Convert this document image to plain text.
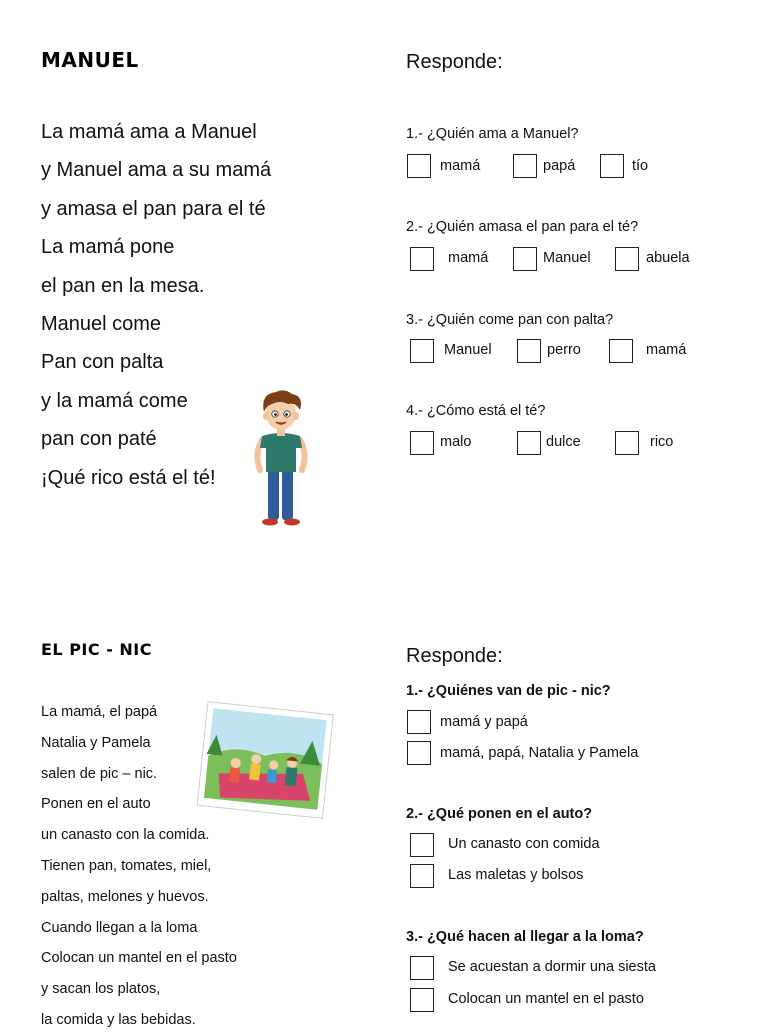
MANUEL
La mamá ama a Manuel
y Manuel ama a su mamá
y amasa el pan para el té
La mamá pone
el pan en la mesa.
Manuel come
Pan con palta
y la mamá come
pan con paté
¡Qué rico está el té!
Responde:
1.- ¿Quién ama a Manuel?
mamá	papá	tío
2.- ¿Quién amasa el pan para el té?
mamá	Manuel	abuela
3.- ¿Quién come pan con palta?
Manuel	perro	mamá
4.- ¿Cómo está el té?
malo	dulce	rico
EL PIC - NIC
La mamá, el papá
Natalia y Pamela
salen de pic – nic.
Ponen en el auto
un canasto con la comida.
Tienen pan, tomates, miel,
paltas, melones y huevos.
Cuando llegan a la loma
Colocan un mantel en el pasto
y sacan los platos,
la comida y las bebidas.
Responde:
1.- ¿Quiénes van de pic - nic?
mamá y papá
mamá, papá, Natalia y Pamela
2.- ¿Qué ponen en el auto?
Un canasto con comida
Las maletas y bolsos
3.- ¿Qué hacen al llegar a la loma?
Se acuestan a dormir una siesta
Colocan un mantel en el pasto
